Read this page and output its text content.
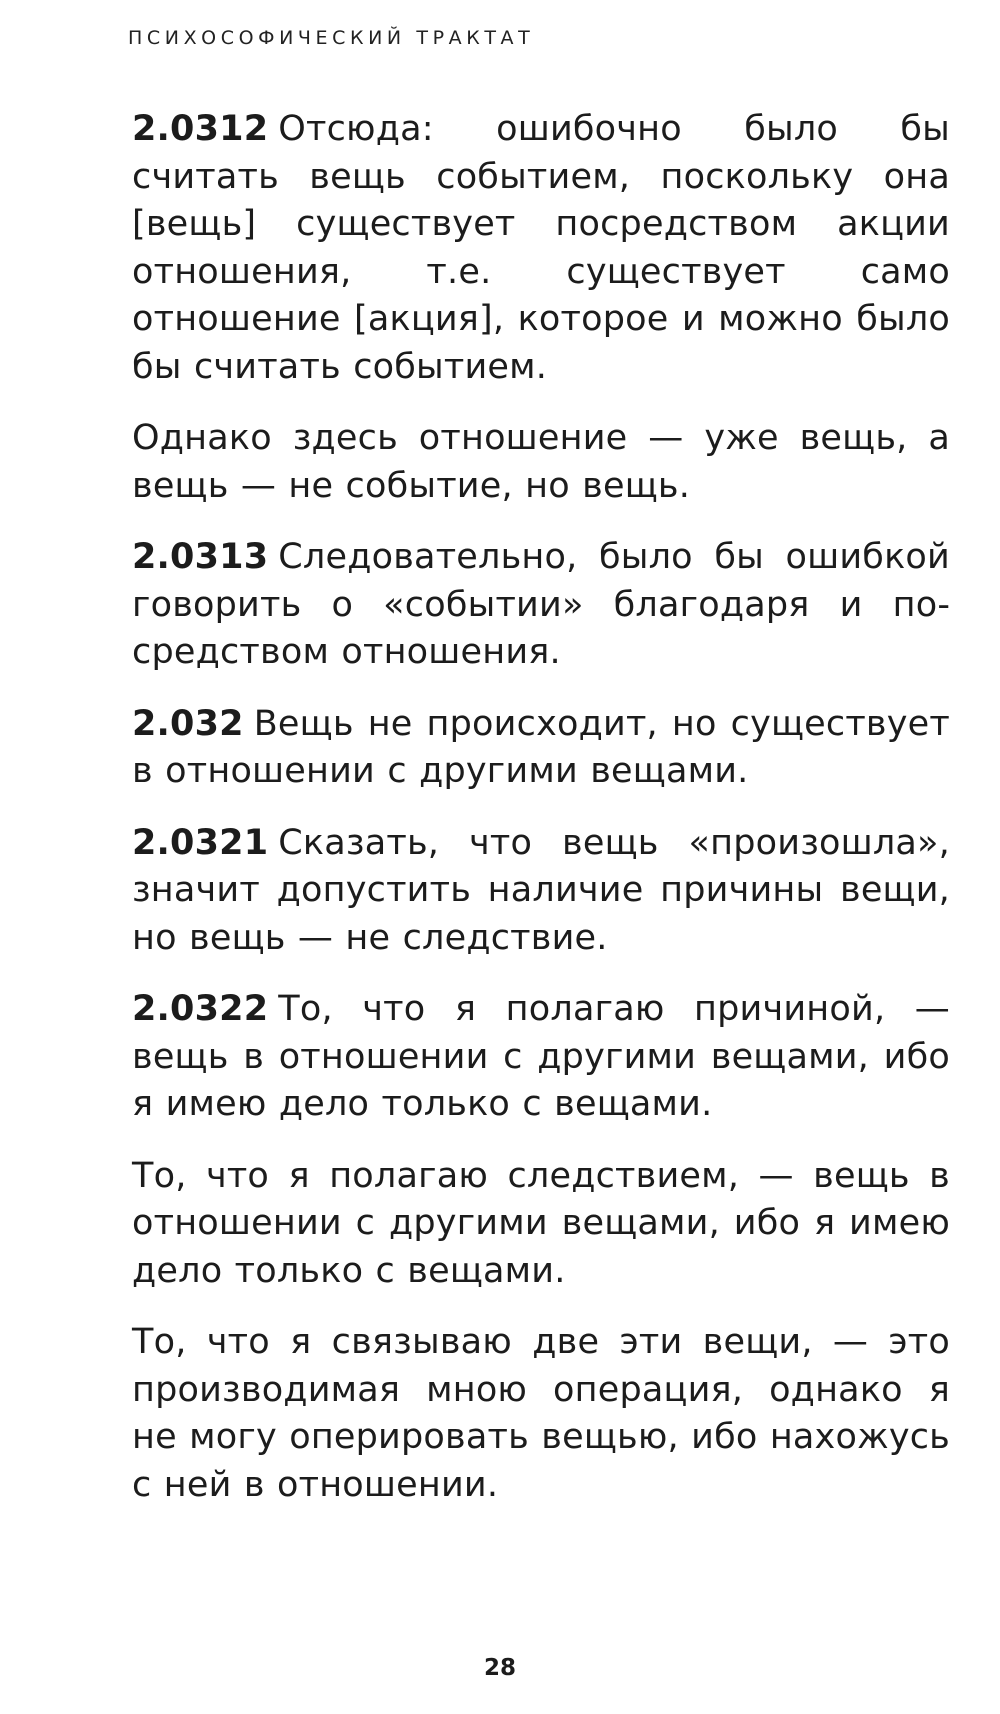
ПСИХОСОФИЧЕСКИЙ ТРАКТАТ

2.0312 Отсюда: ошибочно было бы считать вещь событием, поскольку она [вещь] существует посредством акции отношения, т.е. существует само отношение [акция], которое и можно было бы считать событием.

Однако здесь отношение — уже вещь, а вещь — не событие, но вещь.

2.0313 Следовательно, было бы ошибкой говорить о «событии» благодаря и посредством отношения.

2.032 Вещь не происходит, но существует в отношении с другими вещами.

2.0321 Сказать, что вещь «произошла», значит допустить наличие причины вещи, но вещь — не следствие.

2.0322 То, что я полагаю причиной, — вещь в отношении с другими вещами, ибо я имею дело только с вещами.

То, что я полагаю следствием, — вещь в отношении с другими вещами, ибо я имею дело только с вещами.

То, что я связываю две эти вещи, — это производимая мною операция, однако я не могу оперировать вещью, ибо нахожусь с ней в отношении.

28
